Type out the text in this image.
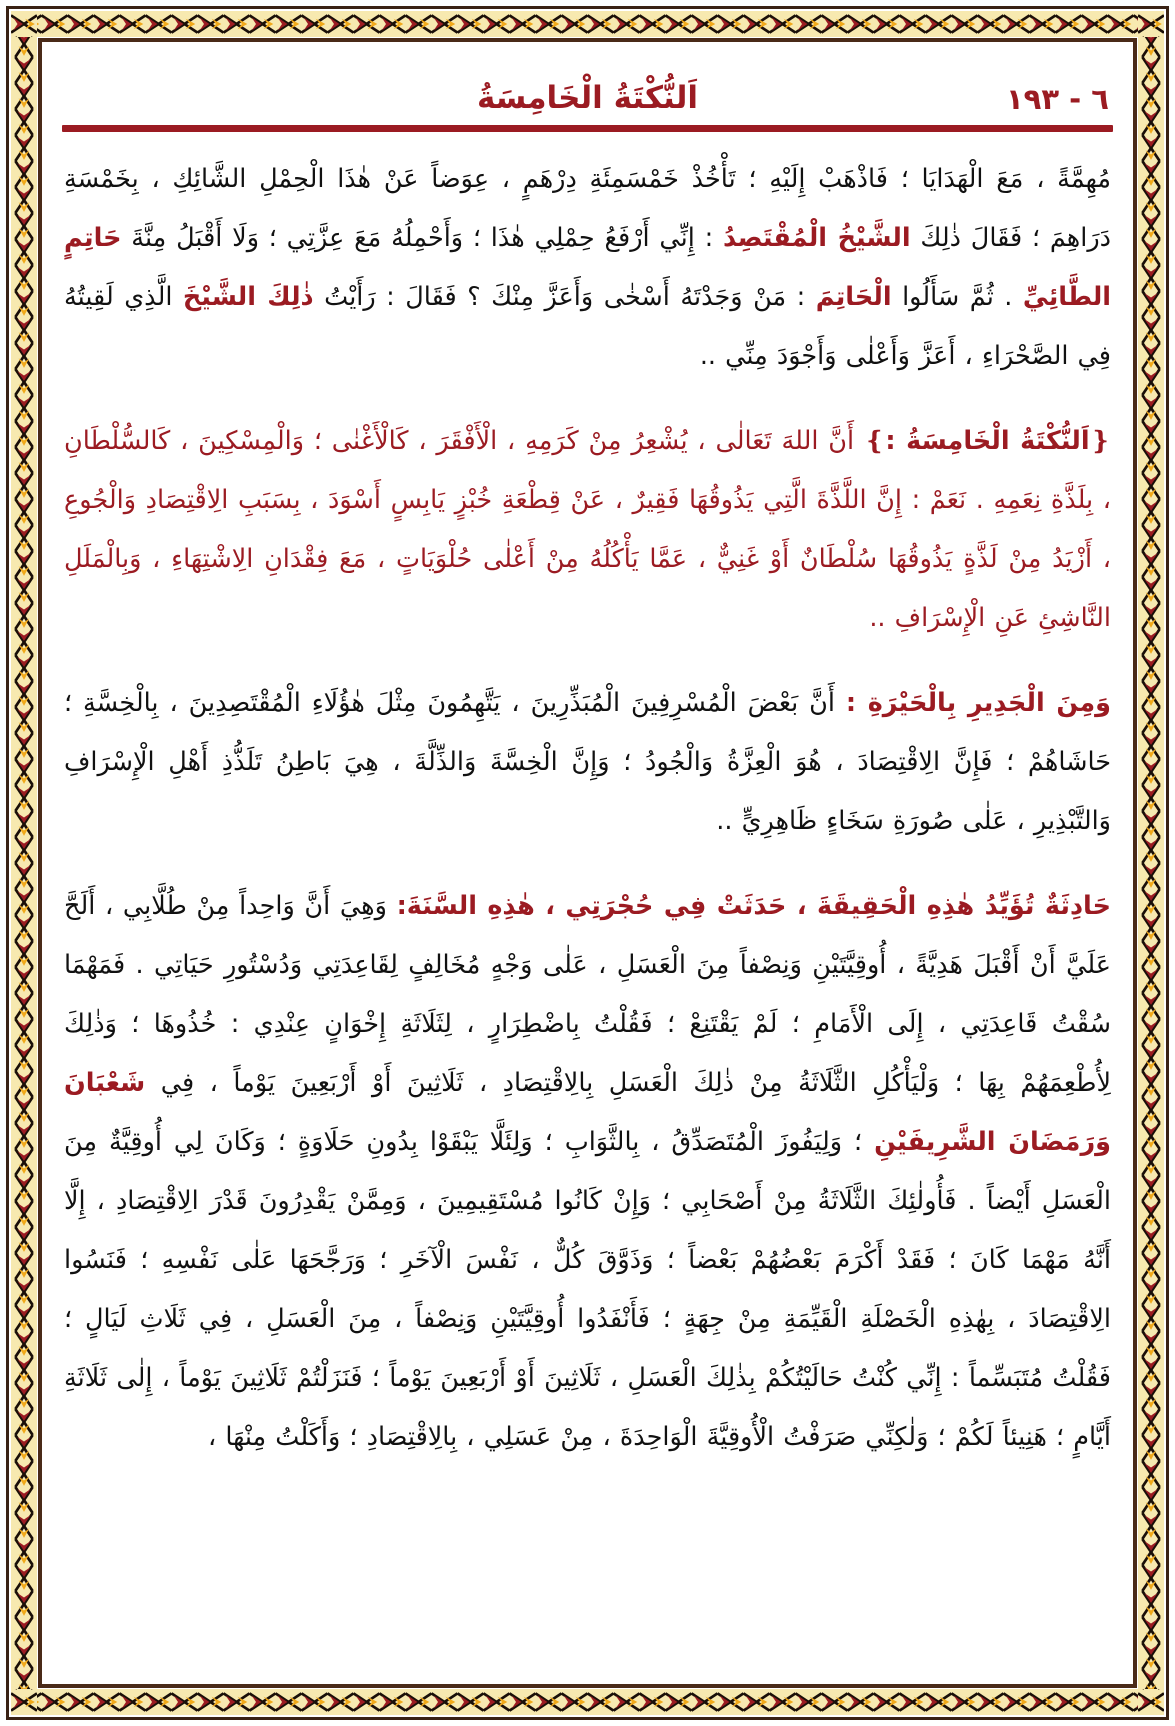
اَلنُّكْتَةُ الْخَامِسَةُ	٦ - ١٩٣

مُهِمَّةً ، مَعَ الْهَدَايَا ؛ فَاذْهَبْ إِلَيْهِ ؛ تَأْخُذْ خَمْسَمِئَةِ دِرْهَمٍ ، عِوَضاً عَنْ هٰذَا الْحِمْلِ الشَّائِكِ ، بِخَمْسَةِ دَرَاهِمَ ؛ فَقَالَ ذٰلِكَ الشَّيْخُ الْمُقْتَصِدُ : إِنِّي أَرْفَعُ حِمْلِي هٰذَا ؛ وَأَحْمِلُهُ مَعَ عِزَّتِي ؛ وَلَا أَقْبَلُ مِنَّةَ حَاتِمٍ الطَّائِيِّ . ثُمَّ سَأَلُوا الْحَاتِمَ : مَنْ وَجَدْتَهُ أَسْخٰى وَأَعَزَّ مِنْكَ ؟ فَقَالَ : رَأَيْتُ ذٰلِكَ الشَّيْخَ الَّذِي لَقِيتُهُ فِي الصَّحْرَاءِ ، أَعَزَّ وَأَعْلٰى وَأَجْوَدَ مِنِّي ..

❴اَلنُّكْتَةُ الْخَامِسَةُ :❵ أَنَّ اللهَ تَعَالٰى ، يُشْعِرُ مِنْ كَرَمِهِ ، الْأَفْقَرَ ، كَالْأَغْنٰى ؛ وَالْمِسْكِينَ ، كَالسُّلْطَانِ ، بِلَذَّةِ نِعَمِهِ . نَعَمْ : إِنَّ اللَّذَّةَ الَّتِي يَذُوقُهَا فَقِيرٌ ، عَنْ قِطْعَةِ خُبْزٍ يَابِسٍ أَسْوَدَ ، بِسَبَبِ الِاقْتِصَادِ وَالْجُوعِ ، أَزْيَدُ مِنْ لَذَّةٍ يَذُوقُهَا سُلْطَانٌ أَوْ غَنِيٌّ ، عَمَّا يَأْكُلُهُ مِنْ أَعْلٰى حُلْوَيَاتٍ ، مَعَ فِقْدَانِ الِاشْتِهَاءِ ، وَبِالْمَلَلِ النَّاشِئِ عَنِ الْإِسْرَافِ ..

وَمِنَ الْجَدِيرِ بِالْحَيْرَةِ : أَنَّ بَعْضَ الْمُسْرِفِينَ الْمُبَذِّرِينَ ، يَتَّهِمُونَ مِثْلَ هٰؤُلَاءِ الْمُقْتَصِدِينَ ، بِالْخِسَّةِ ؛ حَاشَاهُمْ ؛ فَإِنَّ الِاقْتِصَادَ ، هُوَ الْعِزَّةُ وَالْجُودُ ؛ وَإِنَّ الْخِسَّةَ وَالذِّلَّةَ ، هِيَ بَاطِنُ تَلَذُّذِ أَهْلِ الْإِسْرَافِ وَالتَّبْذِيرِ ، عَلٰى صُورَةِ سَخَاءٍ ظَاهِرِيٍّ ..

حَادِثَةٌ تُؤَيِّدُ هٰذِهِ الْحَقِيقَةَ ، حَدَثَتْ فِي حُجْرَتِي ، هٰذِهِ السَّنَةَ: وَهِيَ أَنَّ وَاحِداً مِنْ طُلَّابِي ، أَلَحَّ عَلَيَّ أَنْ أَقْبَلَ هَدِيَّةً ، أُوقِيَّتَيْنِ وَنِصْفاً مِنَ الْعَسَلِ ، عَلٰى وَجْهٍ مُخَالِفٍ لِقَاعِدَتِي وَدُسْتُورِ حَيَاتِي . فَمَهْمَا سُقْتُ قَاعِدَتِي ، إِلَى الْأَمَامِ ؛ لَمْ يَقْتَنِعْ ؛ فَقُلْتُ بِاضْطِرَارٍ ، لِثَلَاثَةِ إِخْوَانٍ عِنْدِي : خُذُوهَا ؛ وَذٰلِكَ لِأُطْعِمَهُمْ بِهَا ؛ وَلْيَأْكُلِ الثَّلَاثَةُ مِنْ ذٰلِكَ الْعَسَلِ بِالِاقْتِصَادِ ، ثَلَاثِينَ أَوْ أَرْبَعِينَ يَوْماً ، فِي شَعْبَانَ وَرَمَضَانَ الشَّرِيفَيْنِ ؛ وَلِيَفُوزَ الْمُتَصَدِّقُ ، بِالثَّوَابِ ؛ وَلِئَلَّا يَبْقَوْا بِدُونِ حَلَاوَةٍ ؛ وَكَانَ لِي أُوقِيَّةٌ مِنَ الْعَسَلِ أَيْضاً . فَأُولٰئِكَ الثَّلَاثَةُ مِنْ أَصْحَابِي ؛ وَإِنْ كَانُوا مُسْتَقِيمِينَ ، وَمِمَّنْ يَقْدِرُونَ قَدْرَ الِاقْتِصَادِ ، إِلَّا أَنَّهُ مَهْمَا كَانَ ؛ فَقَدْ أَكْرَمَ بَعْضُهُمْ بَعْضاً ؛ وَذَوَّقَ كُلٌّ ، نَفْسَ الْآخَرِ ؛ وَرَجَّحَهَا عَلٰى نَفْسِهِ ؛ فَنَسُوا الِاقْتِصَادَ ، بِهٰذِهِ الْخَصْلَةِ الْقَيِّمَةِ مِنْ جِهَةٍ ؛ فَأَنْفَدُوا أُوقِيَّتَيْنِ وَنِصْفاً ، مِنَ الْعَسَلِ ، فِي ثَلَاثِ لَيَالٍ ؛ فَقُلْتُ مُتَبَسِّماً : إِنِّي كُنْتُ حَالَيْتُكُمْ بِذٰلِكَ الْعَسَلِ ، ثَلَاثِينَ أَوْ أَرْبَعِينَ يَوْماً ؛ فَنَزَلْتُمْ ثَلَاثِينَ يَوْماً ، إِلٰى ثَلَاثَةِ أَيَّامٍ ؛ هَنِيئاً لَكُمْ ؛ وَلٰكِنِّي صَرَفْتُ الْأُوقِيَّةَ الْوَاحِدَةَ ، مِنْ عَسَلِي ، بِالِاقْتِصَادِ ؛ وَأَكَلْتُ مِنْهَا ،
